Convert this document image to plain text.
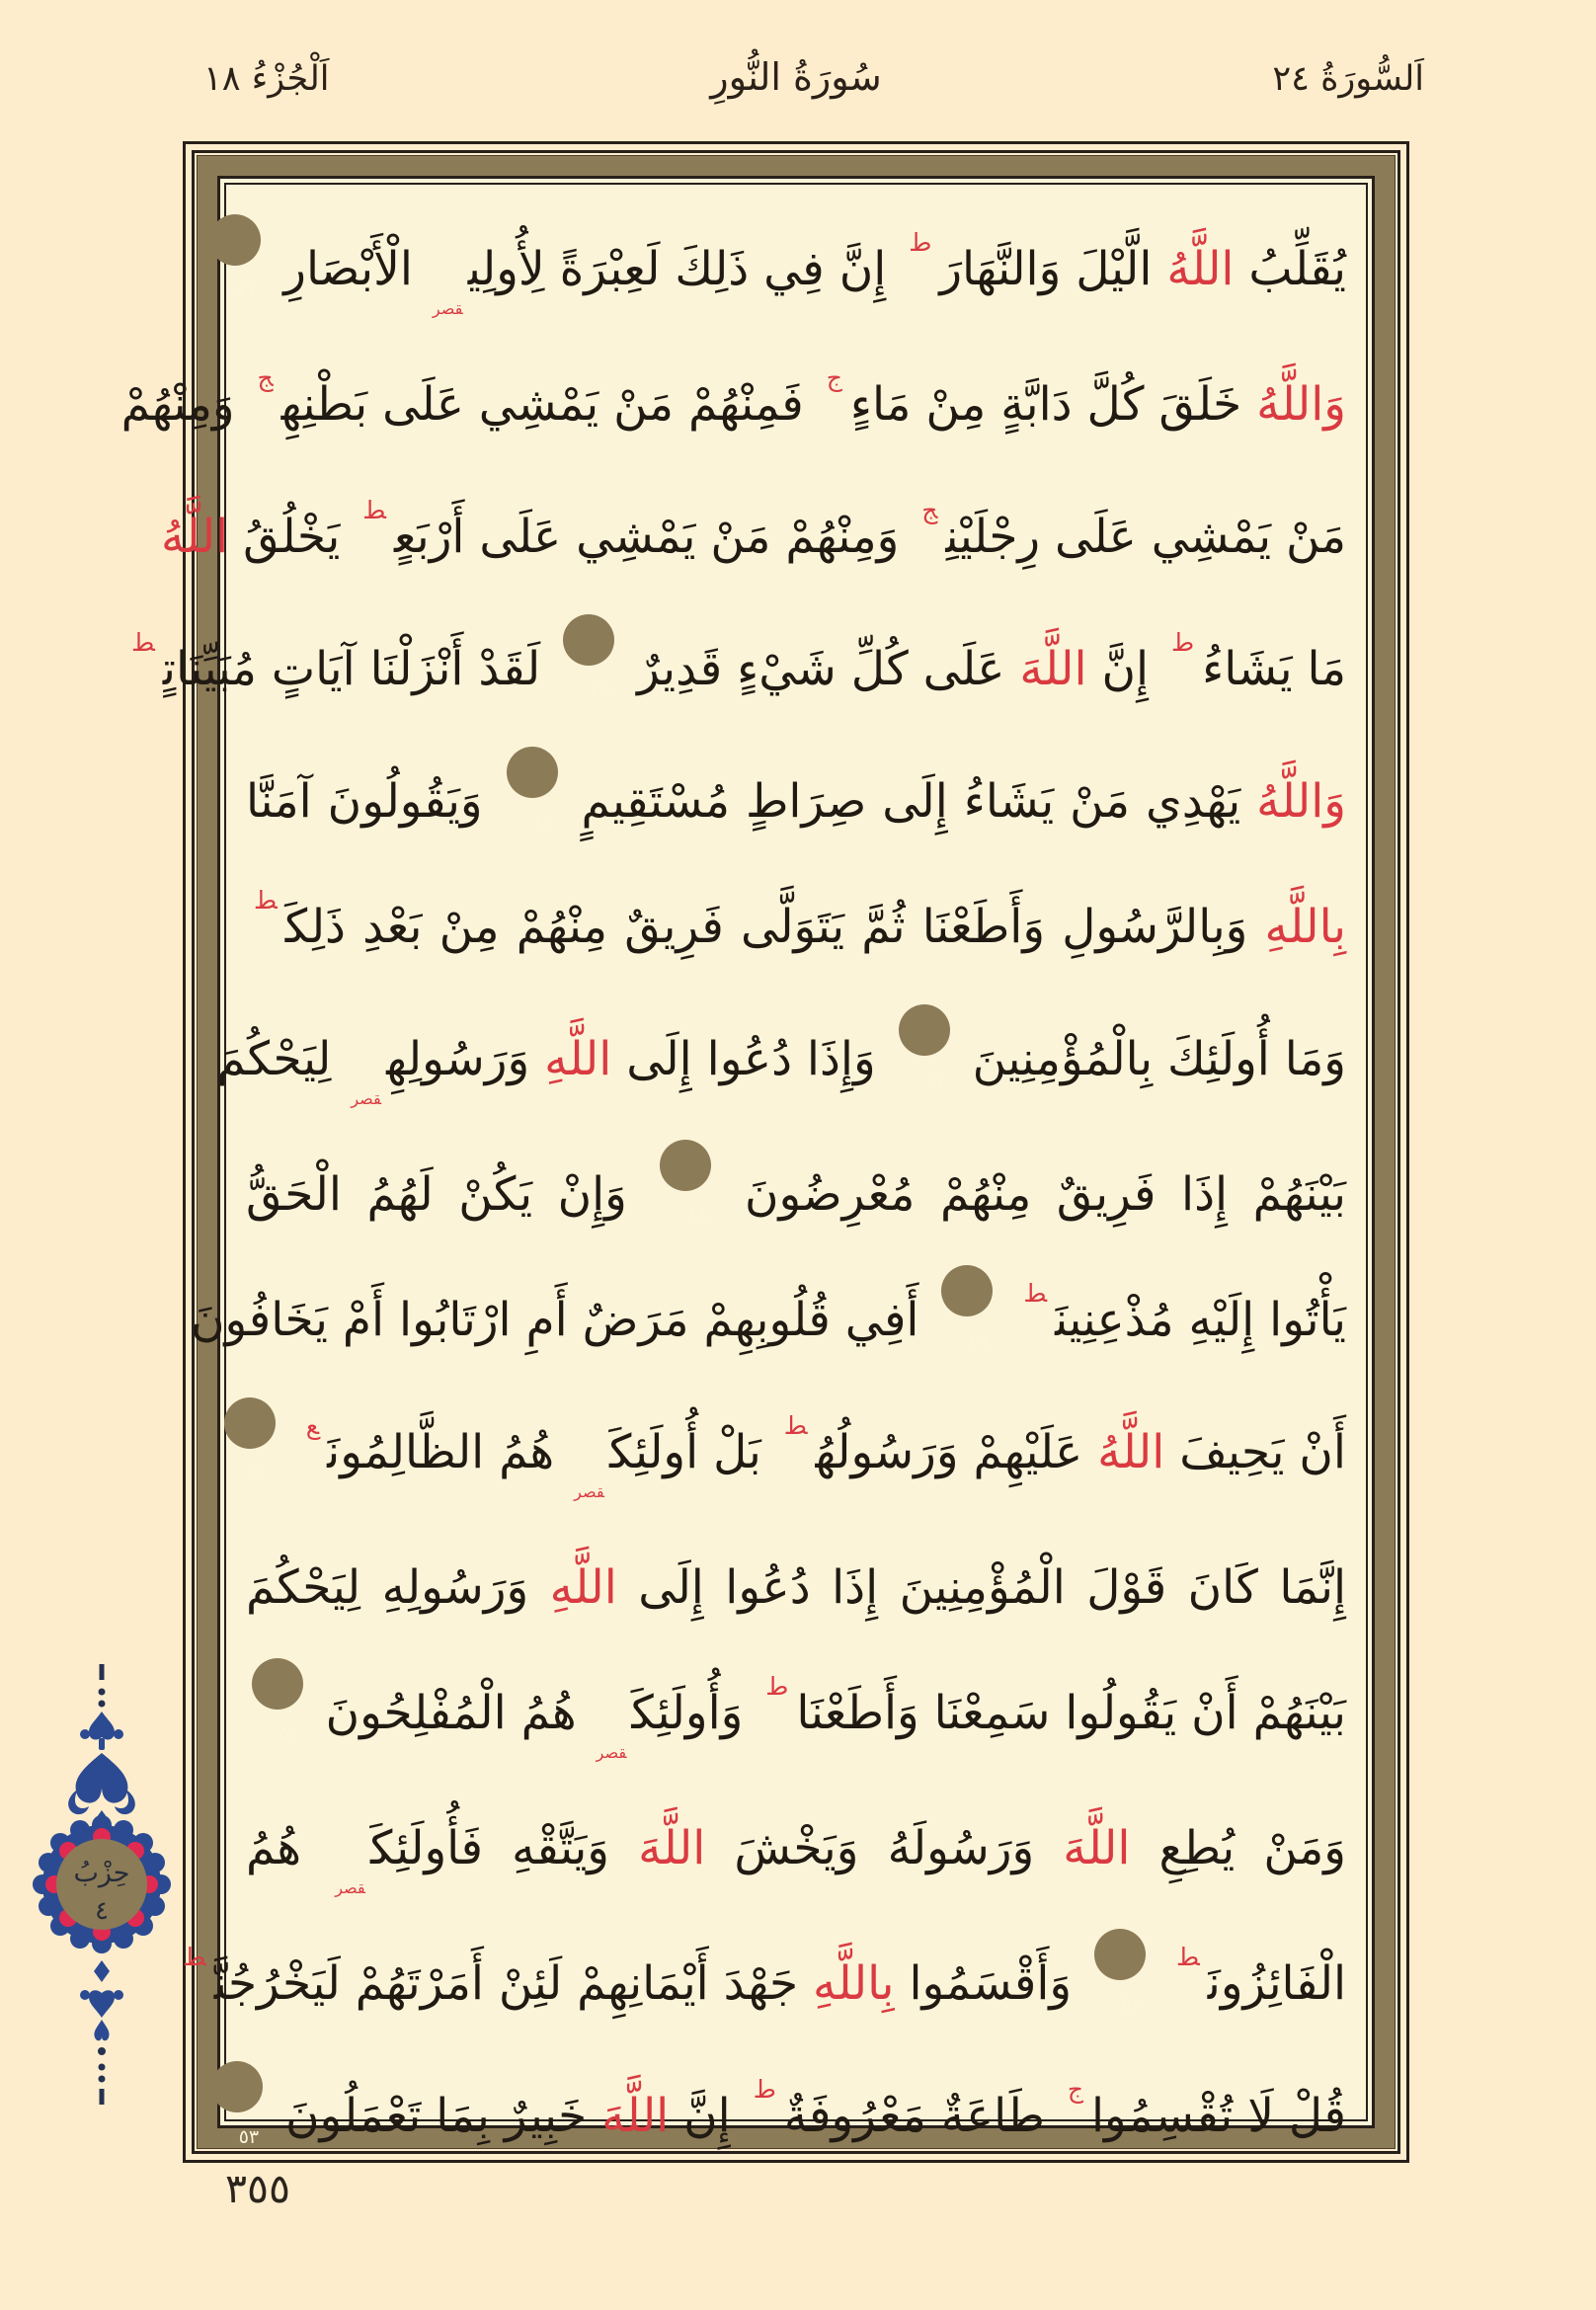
اَلسُّورَةُ ٢٤
سُورَةُ النُّورِ
اَلْجُزْءُ ١٨
يُقَلِّبُ اللَّهُ الَّيْلَ وَالنَّهَارَ$^ط$ إِنَّ فِي ذَلِكَ لَعِبْرَةً لِأُولِي$_{قصر}$ الْأَبْصَارِ ٤٤
وَاللَّهُ خَلَقَ كُلَّ دَابَّةٍ مِنْ مَاءٍ$^ج$ فَمِنْهُمْ مَنْ يَمْشِي عَلَى بَطْنِهِ$^ج$ وَمِنْهُمْ
مَنْ يَمْشِي عَلَى رِجْلَيْنِ$^ج$ وَمِنْهُمْ مَنْ يَمْشِي عَلَى أَرْبَعٍ$^ط$ يَخْلُقُ اللَّهُ
مَا يَشَاءُ$^ط$ إِنَّ اللَّهَ عَلَى كُلِّ شَيْءٍ قَدِيرٌ ٤٥ لَقَدْ أَنْزَلْنَا آيَاتٍ مُبَيِّنَاتٍ$^ط$
وَاللَّهُ يَهْدِي مَنْ يَشَاءُ إِلَى صِرَاطٍ مُسْتَقِيمٍ ٤٦ وَيَقُولُونَ آمَنَّا
بِاللَّهِ وَبِالرَّسُولِ وَأَطَعْنَا ثُمَّ يَتَوَلَّى فَرِيقٌ مِنْهُمْ مِنْ بَعْدِ ذَلِكَ$^ط$
وَمَا أُولَئِكَ بِالْمُؤْمِنِينَ ٤٧ وَإِذَا دُعُوا إِلَى اللَّهِ $وَرَسُولِهِ_{قصر}$ لِيَحْكُمَ
بَيْنَهُمْ إِذَا فَرِيقٌ مِنْهُمْ مُعْرِضُونَ ٤٨ وَإِنْ يَكُنْ لَهُمُ الْحَقُّ
يَأْتُوا إِلَيْهِ مُذْعِنِينَ$^ط$ ٤٩ أَفِي قُلُوبِهِمْ مَرَضٌ أَمِ ارْتَابُوا أَمْ يَخَافُونَ
أَنْ يَحِيفَ اللَّهُ عَلَيْهِمْ وَرَسُولُهُ$^ط$ بَلْ $أُولَئِكَ_{قصر}$ هُمُ الظَّالِمُونَ$^ع$ ٥٠
إِنَّمَا كَانَ قَوْلَ الْمُؤْمِنِينَ إِذَا دُعُوا إِلَى اللَّهِ وَرَسُولِهِ لِيَحْكُمَ
بَيْنَهُمْ أَنْ يَقُولُوا سَمِعْنَا وَأَطَعْنَا$^ط$ $وَأُولَئِكَ_{قصر}$ هُمُ الْمُفْلِحُونَ ٥١
وَمَنْ يُطِعِ اللَّهَ وَرَسُولَهُ وَيَخْشَ اللَّهَ وَيَتَّقْهِ $فَأُولَئِكَ_{قصر}$ هُمُ
الْفَائِزُونَ$^ط$ ٥٢ وَأَقْسَمُوا بِاللَّهِ جَهْدَ أَيْمَانِهِمْ لَئِنْ أَمَرْتَهُمْ لَيَخْرُجُنَّ$^ط$
قُلْ لَا تُقْسِمُوا$^ج$ طَاعَةٌ مَعْرُوفَةٌ$^ط$ إِنَّ اللَّهَ خَبِيرٌ بِمَا تَعْمَلُونَ ٥٣
حِزْبُ
٤
٣٥٥
